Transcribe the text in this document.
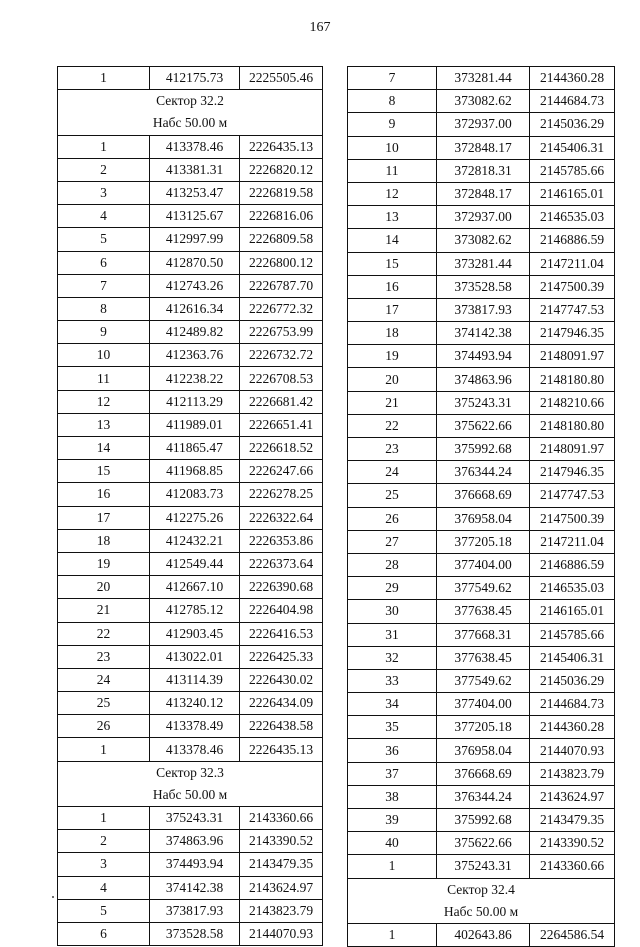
167
1	412175.73	2225505.46
Сектор 32.2		
Набс 50.00 м		
1	413378.46	2226435.13
2	413381.31	2226820.12
3	413253.47	2226819.58
4	413125.67	2226816.06
5	412997.99	2226809.58
6	412870.50	2226800.12
7	412743.26	2226787.70
8	412616.34	2226772.32
9	412489.82	2226753.99
10	412363.76	2226732.72
11	412238.22	2226708.53
12	412113.29	2226681.42
13	411989.01	2226651.41
14	411865.47	2226618.52
15	411968.85	2226247.66
16	412083.73	2226278.25
17	412275.26	2226322.64
18	412432.21	2226353.86
19	412549.44	2226373.64
20	412667.10	2226390.68
21	412785.12	2226404.98
22	412903.45	2226416.53
23	413022.01	2226425.33
24	413114.39	2226430.02
25	413240.12	2226434.09
26	413378.49	2226438.58
1	413378.46	2226435.13
Сектор 32.3		
Набс 50.00 м		
1	375243.31	2143360.66
2	374863.96	2143390.52
3	374493.94	2143479.35
4	374142.38	2143624.97
5	373817.93	2143823.79
6	373528.58	2144070.93
7	373281.44	2144360.28
8	373082.62	2144684.73
9	372937.00	2145036.29
10	372848.17	2145406.31
11	372818.31	2145785.66
12	372848.17	2146165.01
13	372937.00	2146535.03
14	373082.62	2146886.59
15	373281.44	2147211.04
16	373528.58	2147500.39
17	373817.93	2147747.53
18	374142.38	2147946.35
19	374493.94	2148091.97
20	374863.96	2148180.80
21	375243.31	2148210.66
22	375622.66	2148180.80
23	375992.68	2148091.97
24	376344.24	2147946.35
25	376668.69	2147747.53
26	376958.04	2147500.39
27	377205.18	2147211.04
28	377404.00	2146886.59
29	377549.62	2146535.03
30	377638.45	2146165.01
31	377668.31	2145785.66
32	377638.45	2145406.31
33	377549.62	2145036.29
34	377404.00	2144684.73
35	377205.18	2144360.28
36	376958.04	2144070.93
37	376668.69	2143823.79
38	376344.24	2143624.97
39	375992.68	2143479.35
40	375622.66	2143390.52
1	375243.31	2143360.66
Сектор 32.4		
Набс 50.00 м		
1	402643.86	2264586.54
